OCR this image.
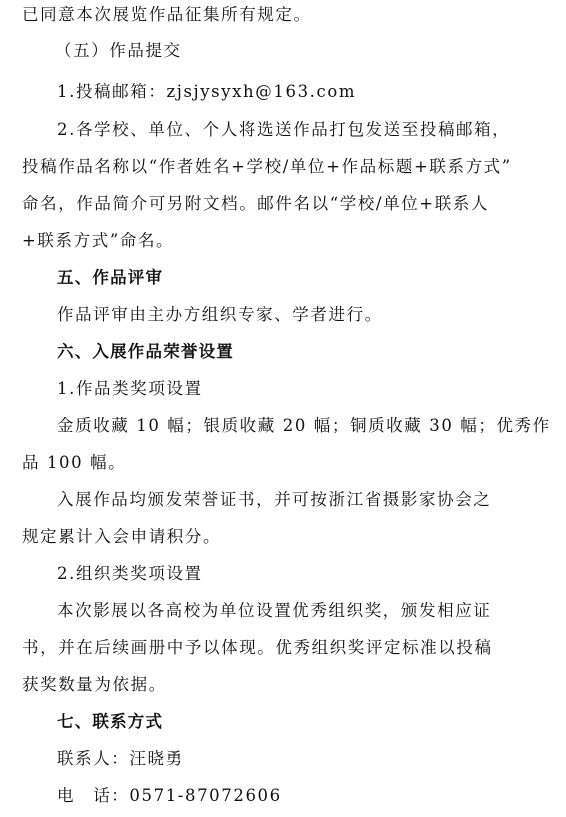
已同意本次展览作品征集所有规定。
（五）作品提交
1.投稿邮箱：zjsjysyxh@163.com
2.各学校、单位、个人将选送作品打包发送至投稿邮箱，
投稿作品名称以“作者姓名+学校/单位+作品标题+联系方式”
命名，作品简介可另附文档。邮件名以“学校/单位+联系人
+联系方式”命名。
五、作品评审
作品评审由主办方组织专家、学者进行。
六、入展作品荣誉设置
1.作品类奖项设置
金质收藏 10 幅；银质收藏 20 幅；铜质收藏 30 幅；优秀作
品 100 幅。
入展作品均颁发荣誉证书，并可按浙江省摄影家协会之
规定累计入会申请积分。
2.组织类奖项设置
本次影展以各高校为单位设置优秀组织奖，颁发相应证
书，并在后续画册中予以体现。优秀组织奖评定标准以投稿
获奖数量为依据。
七、联系方式
联系人：汪晓勇
电　话：0571-87072606
